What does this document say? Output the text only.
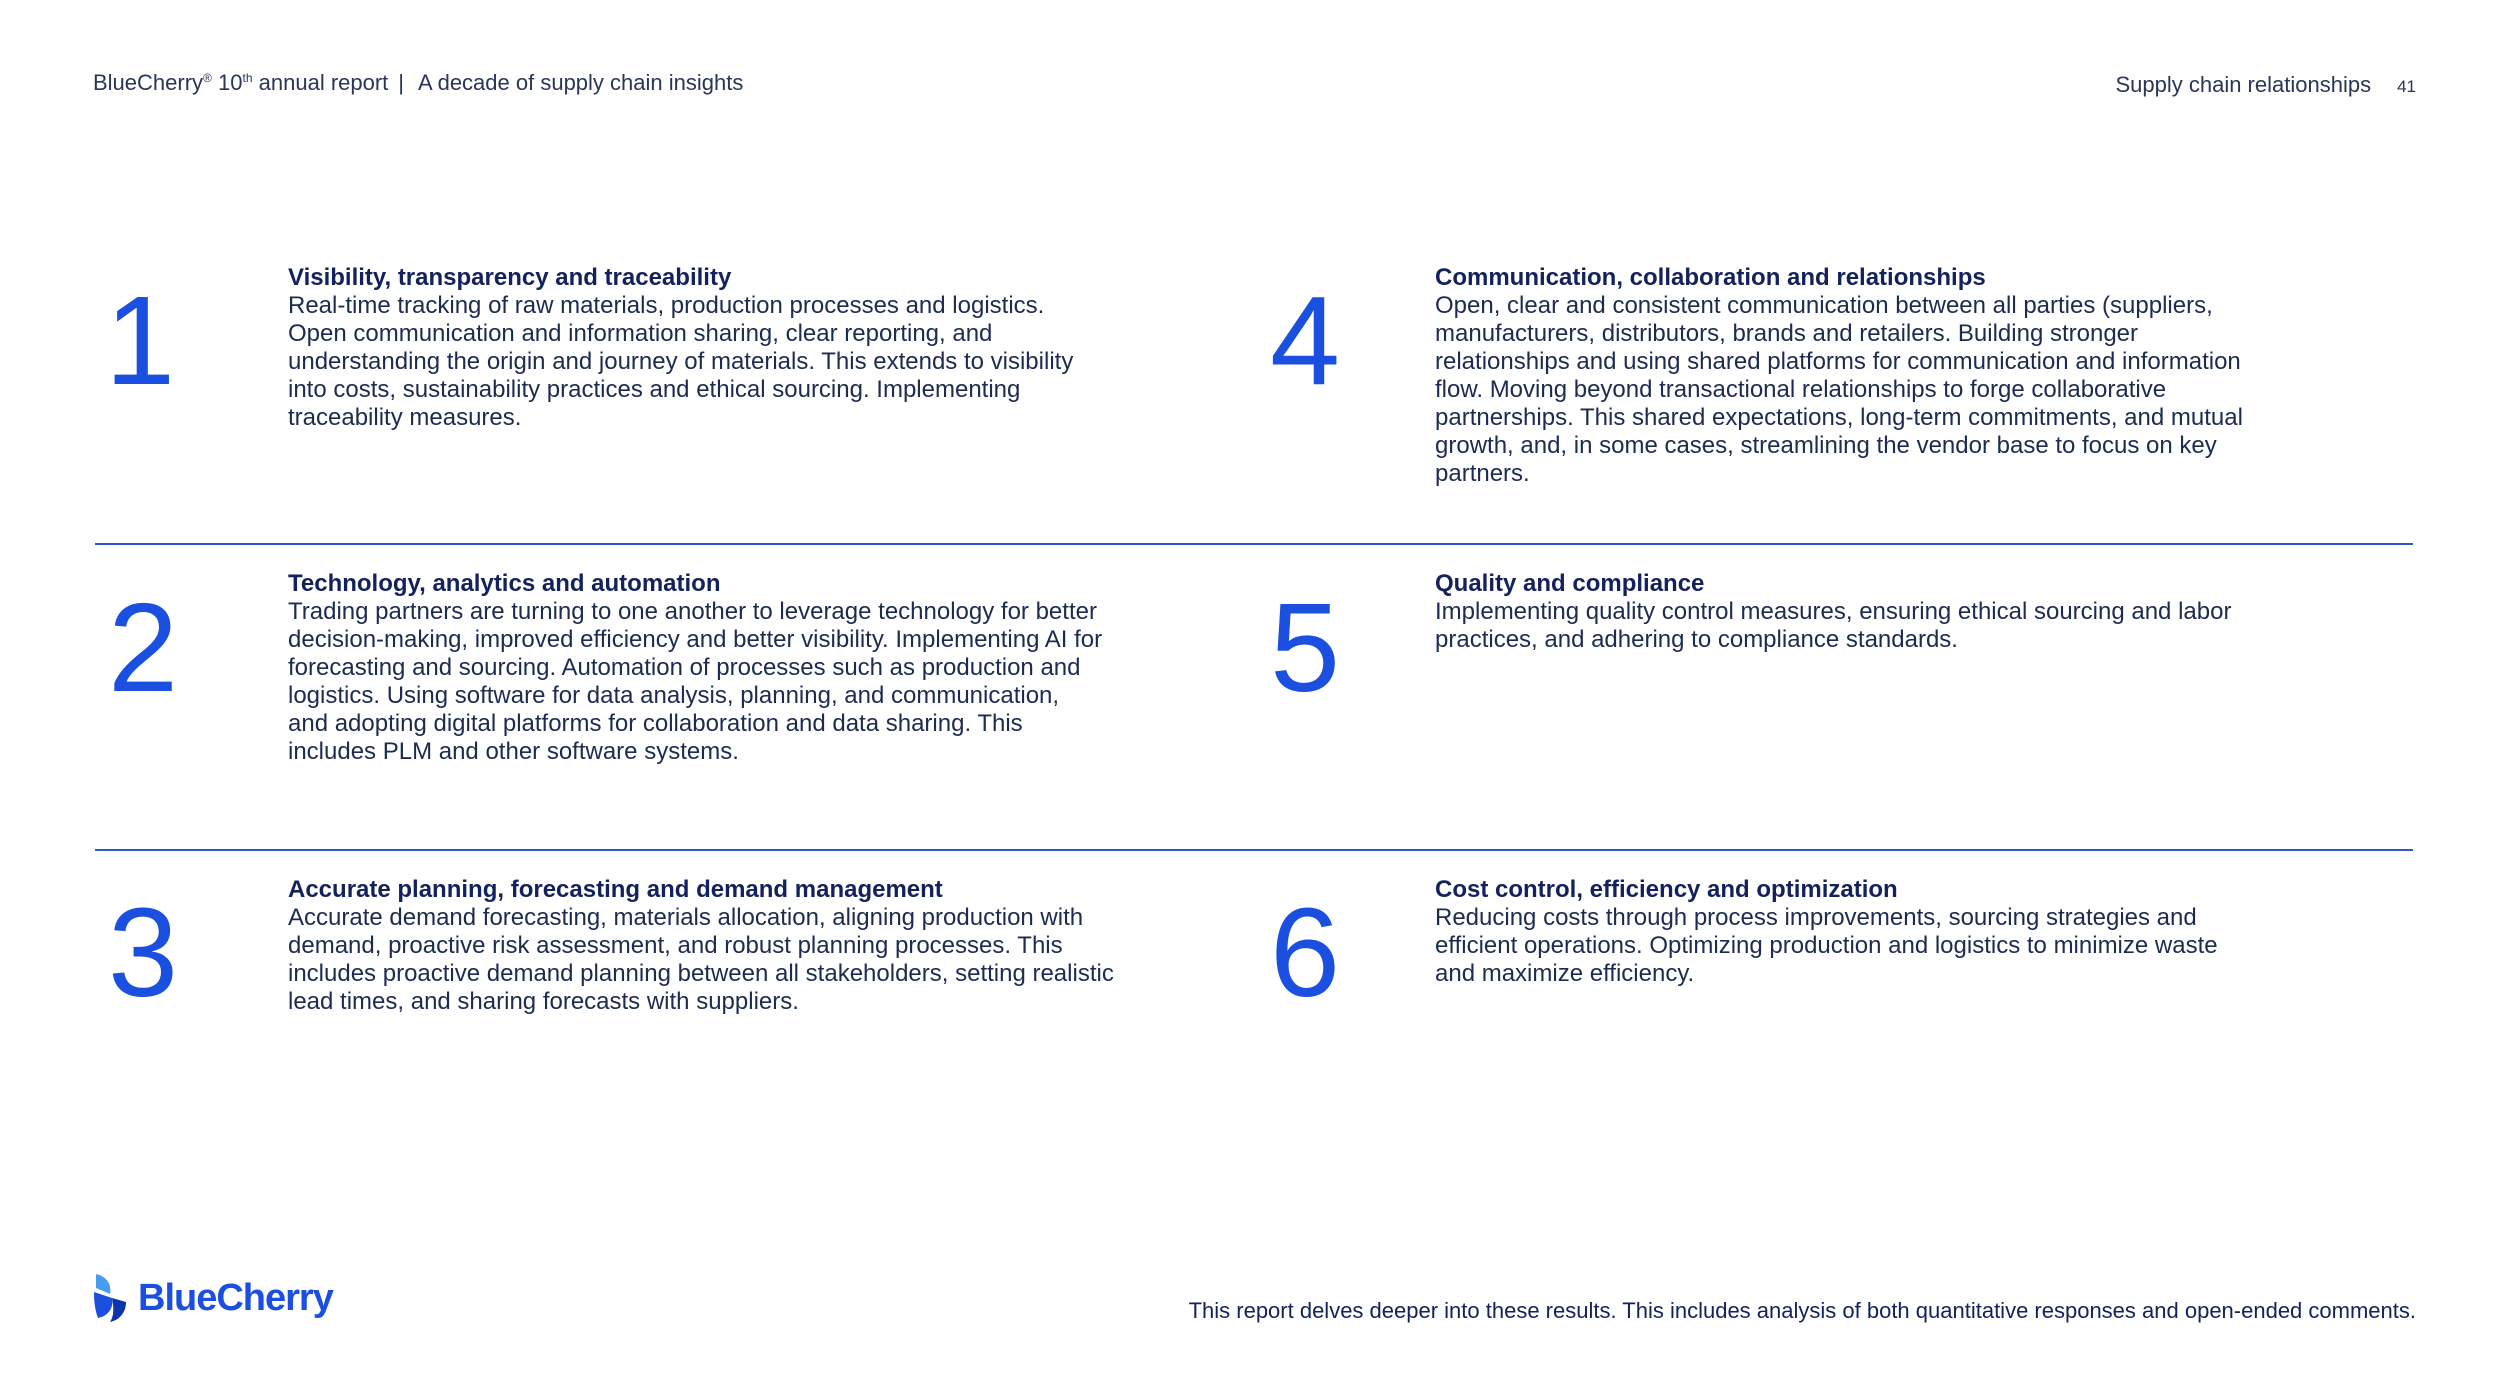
BlueCherry® 10th annual report | A decade of supply chain insights	Supply chain relationships 41
1	Visibility, transparency and traceability

Real-time tracking of raw materials, production processes and logistics. Open communication and information sharing, clear reporting, and understanding the origin and journey of materials. This extends to visibility into costs, sustainability practices and ethical sourcing. Implementing traceability measures.

4	Communication, collaboration and relationships

Open, clear and consistent communication between all parties (suppliers, manufacturers, distributors, brands and retailers. Building stronger relationships and using shared platforms for communication and information flow. Moving beyond transactional relationships to forge collaborative partnerships. This shared expectations, long-term commitments, and mutual growth, and, in some cases, streamlining the vendor base to focus on key partners.

2	Technology, analytics and automation

Trading partners are turning to one another to leverage technology for better decision-making, improved efficiency and better visibility. Implementing AI for forecasting and sourcing. Automation of processes such as production and logistics. Using software for data analysis, planning, and communication, and adopting digital platforms for collaboration and data sharing. This includes PLM and other software systems.

5	Quality and compliance

Implementing quality control measures, ensuring ethical sourcing and labor practices, and adhering to compliance standards.

3	Accurate planning, forecasting and demand management

Accurate demand forecasting, materials allocation, aligning production with demand, proactive risk assessment, and robust planning processes. This includes proactive demand planning between all stakeholders, setting realistic lead times, and sharing forecasts with suppliers.	6	Cost control, efficiency and optimization

Reducing costs through process improvements, sourcing strategies and efficient operations. Optimizing production and logistics to minimize waste and maximize efficiency.

BlueCherry	This report delves deeper into these results. This includes analysis of both quantitative responses and open-ended comments.
